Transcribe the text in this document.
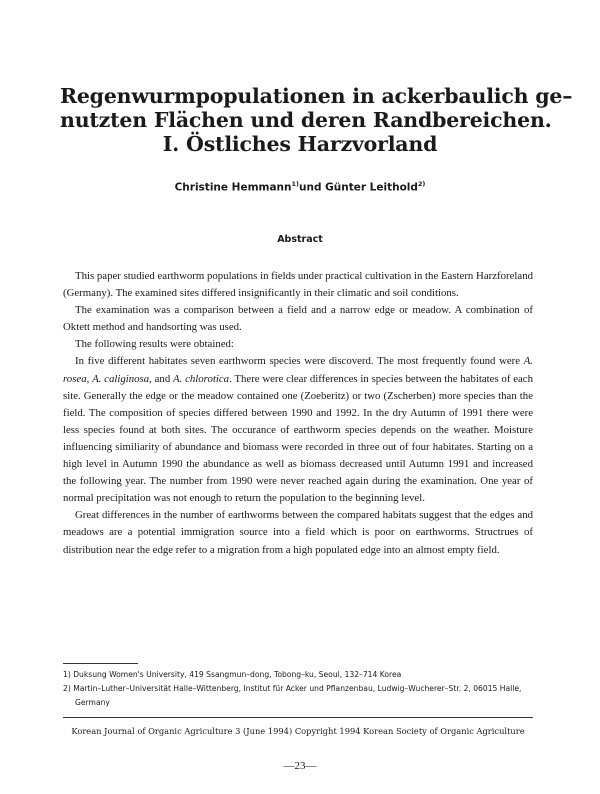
Regenwurmpopulationen in ackerbaulich ge–
nutzten Flächen und deren Randbereichen.
Ⅰ. Östliches Harzvorland
Christine Hemmann$^{1)}$und Günter Leithold$^{2)}$
Abstract

This paper studied earthworm populations in fields under practical cultivation in the Eastern Harzforeland (Germany). The examined sites differed insignificantly in their climatic and soil conditions.

The examination was a comparison between a field and a narrow edge or meadow. A combination of Oktett method and handsorting was used.

The following results were obtained:

In five different habitates seven earthworm species were discoverd. The most frequently found were A. rosea, A. caliginosa, and A. chlorotica. There were clear differences in species between the habitates of each site. Generally the edge or the meadow contained one (Zoeberitz) or two (Zscherben) more species than the field. The composition of species differed between 1990 and 1992. In the dry Autumn of 1991 there were less species found at both sites. The occurance of earthworm species depends on the weather. Moisture influencing similiarity of abundance and biomass were recorded in three out of four habitates. Starting on a high level in Autumn 1990 the abundance as well as biomass decreased until Autumn 1991 and increased the following year. The number from 1990 were never reached again during the examination. One year of normal precipitation was not enough to return the population to the beginning level.

Great differences in the number of earthworms between the compared habitats suggest that the edges and meadows are a potential immigration source into a field which is poor on earthworms. Structrues of distribution near the edge refer to a migration from a high populated edge into an almost empty field.

1) Duksung Women's University, 419 Ssangmun–dong, Tobong–ku, Seoul, 132–714 Korea
2) Martin–Luther–Universität Halle–Wittenberg, Institut für Acker und Pflanzenbau, Ludwig–Wucherer–Str. 2, 06015 Halle, Germany
Korean Journal of Organic Agriculture 3 (June 1994) Copyright 1994 Korean Society of Organic Agriculture
—23—
